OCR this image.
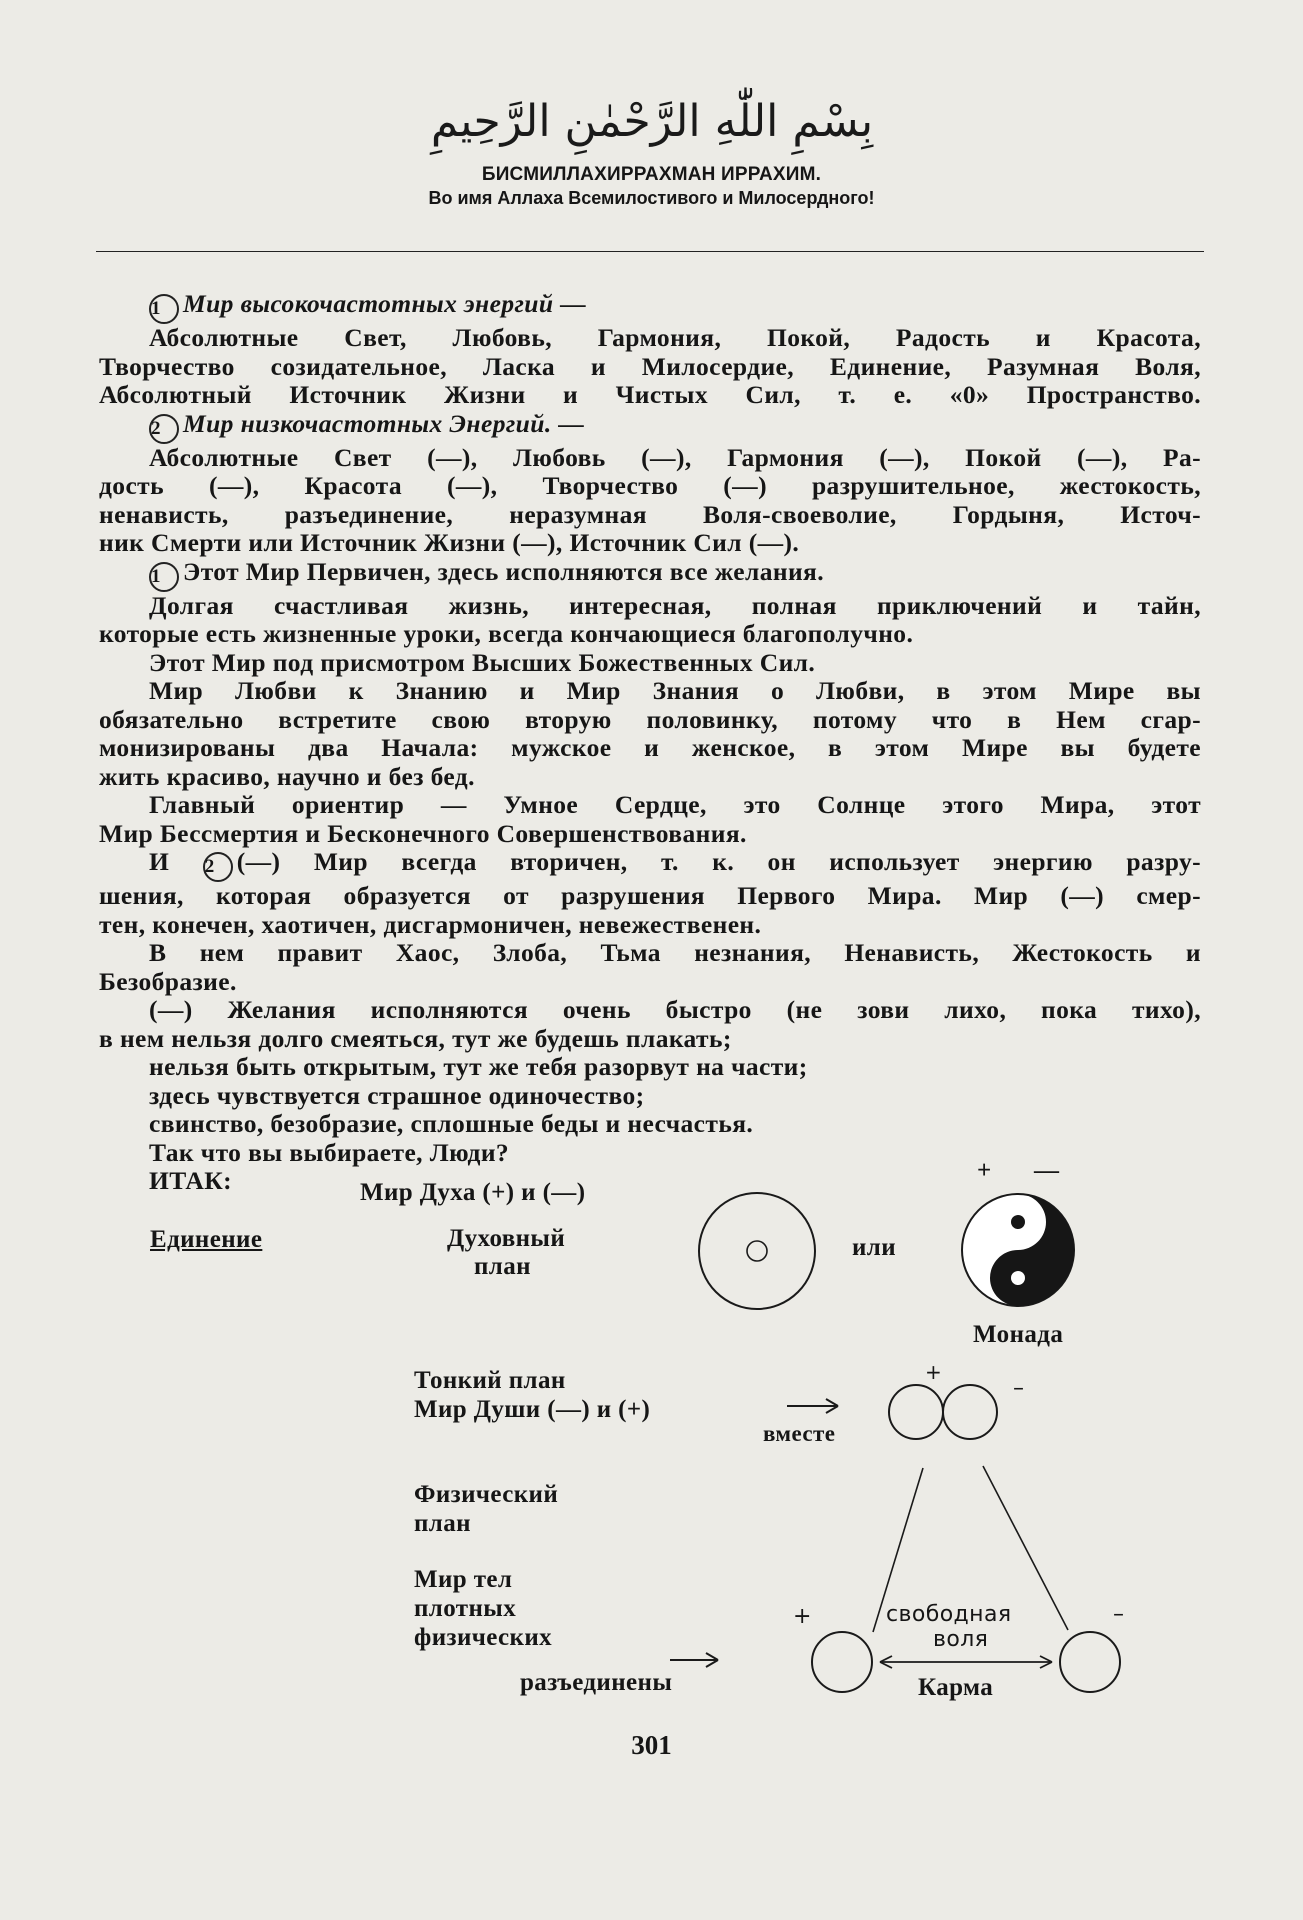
بِسْمِ اللّٰهِ الرَّحْمٰنِ الرَّحِيمِ
БИСМИЛЛАХИРРАХМАН ИРРАХИМ.
Во имя Аллаха Всемилостивого и Милосердного!

1 Мир высокочастотных энергий —

Абсолютные Свет, Любовь, Гармония, Покой, Радость и Красота,

Творчество созидательное, Ласка и Милосердие, Единение, Разумная Воля,

Абсолютный Источник Жизни и Чистых Сил, т. е. «0» Пространство.

2 Мир низкочастотных Энергий. —

Абсолютные Свет (—), Любовь (—), Гармония (—), Покой (—), Ра-

дость (—), Красота (—), Творчество (—) разрушительное, жестокость,

ненависть, разъединение, неразумная Воля-своеволие, Гордыня, Источ-

ник Смерти или Источник Жизни (—), Источник Сил (—).

1 Этот Мир Первичен, здесь исполняются все желания.

Долгая счастливая жизнь, интересная, полная приключений и тайн,

которые есть жизненные уроки, всегда кончающиеся благополучно.

Этот Мир под присмотром Высших Божественных Сил.

Мир Любви к Знанию и Мир Знания о Любви, в этом Мире вы

обязательно встретите свою вторую половинку, потому что в Нем сгар-

монизированы два Начала: мужское и женское, в этом Мире вы будете

жить красиво, научно и без бед.

Главный ориентир — Умное Сердце, это Солнце этого Мира, этот

Мир Бессмертия и Бесконечного Совершенствования.

И 2 (—) Мир всегда вторичен, т. к. он использует энергию разру-

шения, которая образуется от разрушения Первого Мира. Мир (—) смер-

тен, конечен, хаотичен, дисгармоничен, невежественен.

В нем правит Хаос, Злоба, Тьма незнания, Ненависть, Жестокость и

Безобразие.

(—) Желания исполняются очень быстро (не зови лихо, пока тихо),

в нем нельзя долго смеяться, тут же будешь плакать;

нельзя быть открытым, тут же тебя разорвут на части;

здесь чувствуется страшное одиночество;

свинство, безобразие, сплошные беды и несчастья.

Так что вы выбираете, Люди?

ИТАК:	+ —
Мир Духа (+) и (—)
Единение	Духовный
план
или
Монада
Тонкий план
Мир Души (—) и (+)
вместе
Физический
план
Мир тел
плотных
физических
разъединены
свободная
воля
Карма
+
–
+	–
301
